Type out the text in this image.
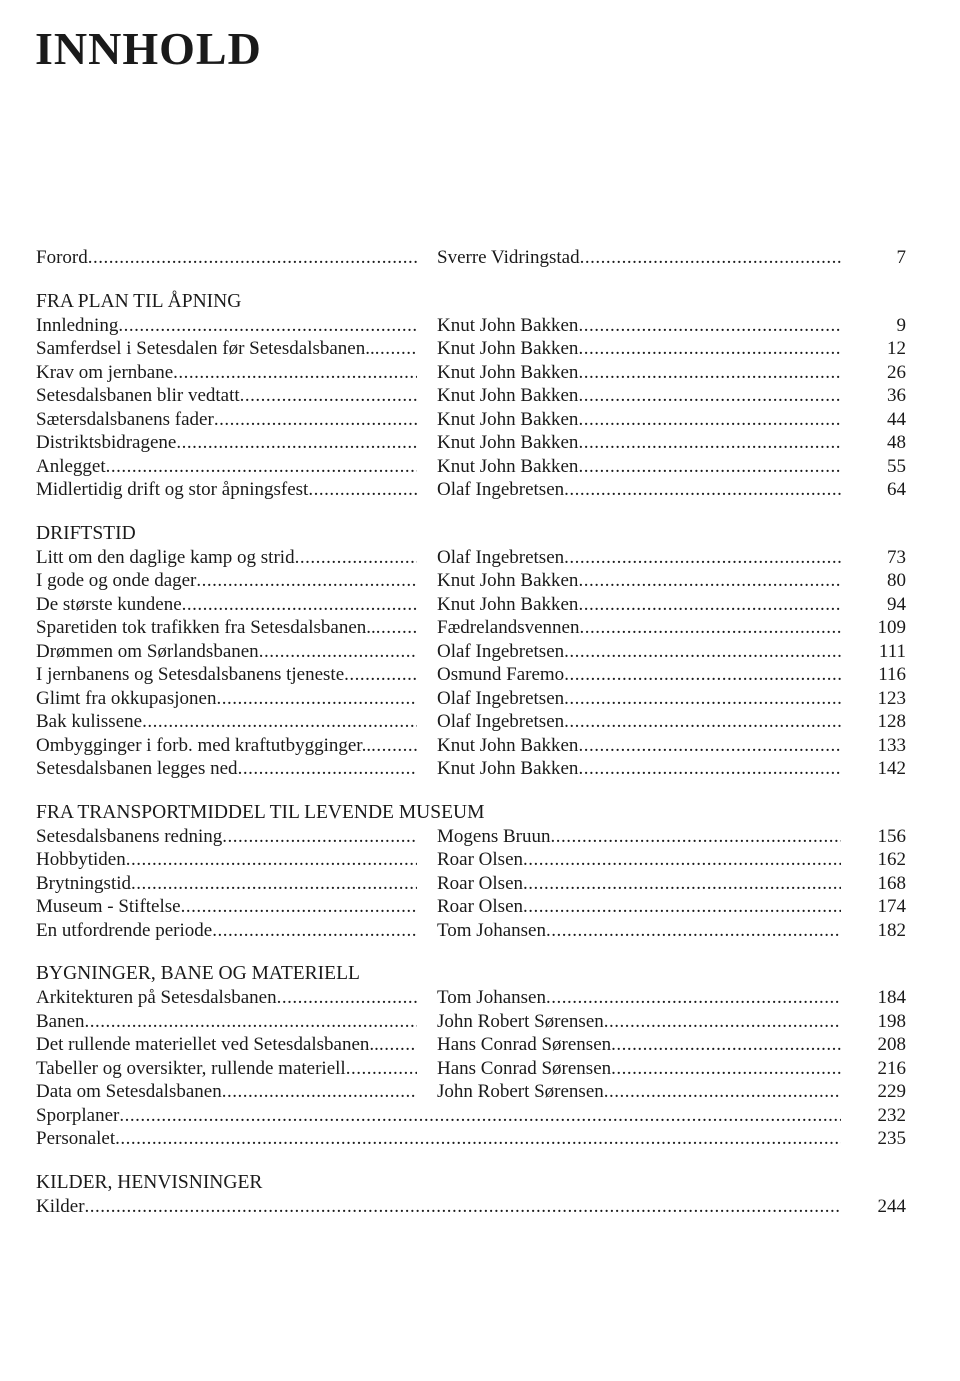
INNHOLD
Forord .....	Sverre Vidringstad .....	7
FRA PLAN TIL ÅPNING
Innledning .....	Knut John Bakken .....	9
Samferdsel i Setesdalen før Setesdalsbanen.. .....	Knut John Bakken .....	12
Krav om jernbane .....	Knut John Bakken .....	26
Setesdalsbanen blir vedtatt .....	Knut John Bakken .....	36
Sætersdalsbanens fader .....	Knut John Bakken .....	44
Distriktsbidragene .....	Knut John Bakken .....	48
Anlegget .....	Knut John Bakken .....	55
Midlertidig drift og stor åpningsfest .....	Olaf Ingebretsen .....	64
DRIFTSTID
Litt om den daglige kamp og strid .....	Olaf Ingebretsen .....	73
I gode og onde dager .....	Knut John Bakken .....	80
De største kundene .....	Knut John Bakken .....	94
Sparetiden tok trafikken fra Setesdalsbanen.. .....	Fædrelandsvennen .....	109
Drømmen om Sørlandsbanen .....	Olaf Ingebretsen .....	111
I jernbanens og Setesdalsbanens tjeneste .....	Osmund Faremo .....	116
Glimt fra okkupasjonen .....	Olaf Ingebretsen .....	123
Bak kulissene .....	Olaf Ingebretsen .....	128
Ombygginger i forb. med kraftutbygginger.. .....	Knut John Bakken .....	133
Setesdalsbanen legges ned .....	Knut John Bakken .....	142
FRA TRANSPORTMIDDEL TIL LEVENDE MUSEUM
Setesdalsbanens redning .....	Mogens Bruun .....	156
Hobbytiden .....	Roar Olsen .....	162
Brytningstid .....	Roar Olsen .....	168
Museum - Stiftelse .....	Roar Olsen .....	174
En utfordrende periode .....	Tom Johansen .....	182
BYGNINGER, BANE OG MATERIELL
Arkitekturen på Setesdalsbanen .....	Tom Johansen .....	184
Banen .....	John Robert Sørensen .....	198
Det rullende materiellet ved Setesdalsbanen.. .....	Hans Conrad Sørensen .....	208
Tabeller og oversikter, rullende materiell .....	Hans Conrad Sørensen .....	216
Data om Setesdalsbanen .....	John Robert Sørensen .....	229
Sporplaner .....	232
Personalet .....	235
KILDER, HENVISNINGER
Kilder .....	244
